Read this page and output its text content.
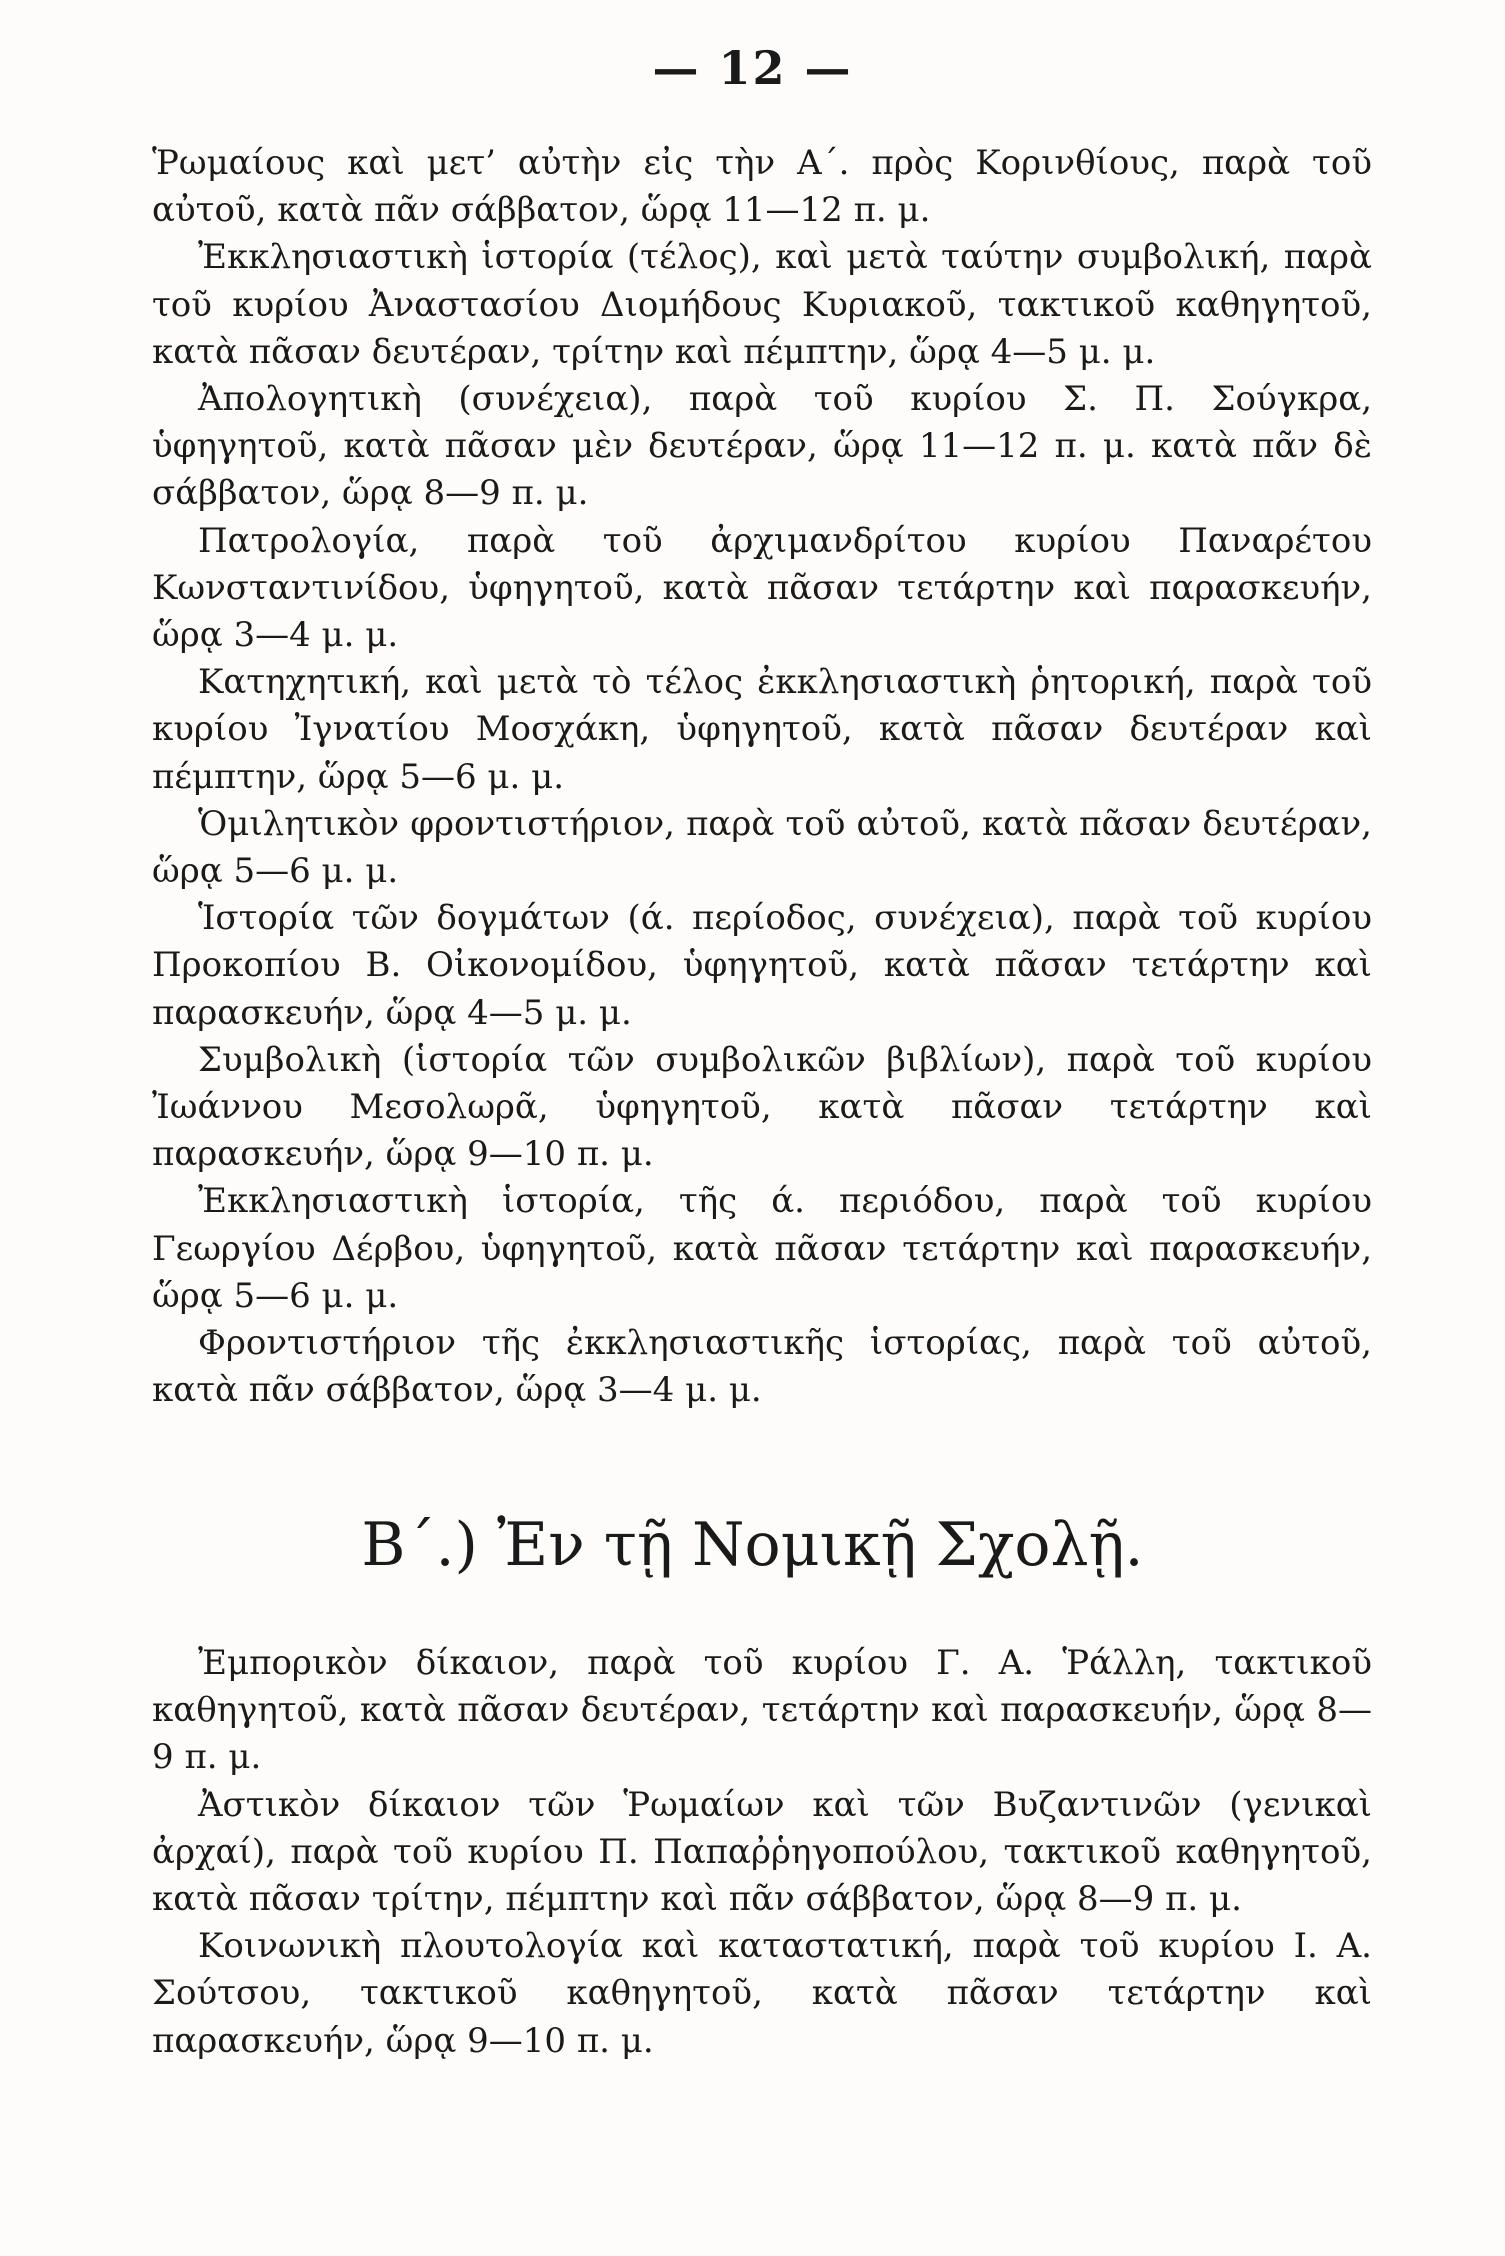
— 12 —

Ῥωμαίους καὶ μετ’ αὐτὴν εἰς τὴν Α΄. πρὸς Κορινθίους, παρὰ τοῦ αὐτοῦ, κατὰ πᾶν σάββατον, ὥρᾳ 11—12 π. μ.

Ἐκκλησιαστικὴ ἱστορία (τέλος), καὶ μετὰ ταύτην συμβολική, παρὰ τοῦ κυρίου Ἀναστασίου Διομήδους Κυριακοῦ, τακτικοῦ καθηγητοῦ, κατὰ πᾶσαν δευτέραν, τρίτην καὶ πέμπτην, ὥρᾳ 4—5 μ. μ.

Ἀπολογητικὴ (συνέχεια), παρὰ τοῦ κυρίου Σ. Π. Σούγκρα, ὑφηγητοῦ, κατὰ πᾶσαν μὲν δευτέραν, ὥρᾳ 11—12 π. μ. κατὰ πᾶν δὲ σάββατον, ὥρᾳ 8—9 π. μ.

Πατρολογία, παρὰ τοῦ ἀρχιμανδρίτου κυρίου Παναρέτου Κωνσταντινίδου, ὑφηγητοῦ, κατὰ πᾶσαν τετάρτην καὶ παρασκευήν, ὥρᾳ 3—4 μ. μ.

Κατηχητική, καὶ μετὰ τὸ τέλος ἐκκλησιαστικὴ ῥητορική, παρὰ τοῦ κυρίου Ἰγνατίου Μοσχάκη, ὑφηγητοῦ, κατὰ πᾶσαν δευτέραν καὶ πέμπτην, ὥρᾳ 5—6 μ. μ.

Ὁμιλητικὸν φροντιστήριον, παρὰ τοῦ αὐτοῦ, κατὰ πᾶσαν δευτέραν, ὥρᾳ 5—6 μ. μ.

Ἱστορία τῶν δογμάτων (ά. περίοδος, συνέχεια), παρὰ τοῦ κυρίου Προκοπίου Β. Οἰκονομίδου, ὑφηγητοῦ, κατὰ πᾶσαν τετάρτην καὶ παρασκευήν, ὥρᾳ 4—5 μ. μ.

Συμβολικὴ (ἱστορία τῶν συμβολικῶν βιβλίων), παρὰ τοῦ κυρίου Ἰωάννου Μεσολωρᾶ, ὑφηγητοῦ, κατὰ πᾶσαν τετάρτην καὶ παρασκευήν, ὥρᾳ 9—10 π. μ.

Ἐκκλησιαστικὴ ἱστορία, τῆς ά. περιόδου, παρὰ τοῦ κυρίου Γεωργίου Δέρβου, ὑφηγητοῦ, κατὰ πᾶσαν τετάρτην καὶ παρασκευήν, ὥρᾳ 5—6 μ. μ.

Φροντιστήριον τῆς ἐκκλησιαστικῆς ἱστορίας, παρὰ τοῦ αὐτοῦ, κατὰ πᾶν σάββατον, ὥρᾳ 3—4 μ. μ.

Β΄.) Ἐν τῇ Νομικῇ Σχολῇ.

Ἐμπορικὸν δίκαιον, παρὰ τοῦ κυρίου Γ. Α. Ῥάλλη, τακτικοῦ καθηγητοῦ, κατὰ πᾶσαν δευτέραν, τετάρτην καὶ παρασκευήν, ὥρᾳ 8—9 π. μ.

Ἀστικὸν δίκαιον τῶν Ῥωμαίων καὶ τῶν Βυζαντινῶν (γενικαὶ ἀρχαί), παρὰ τοῦ κυρίου Π. Παπαῤῥηγοπούλου, τακτικοῦ καθηγητοῦ, κατὰ πᾶσαν τρίτην, πέμπτην καὶ πᾶν σάββατον, ὥρᾳ 8—9 π. μ.

Κοινωνικὴ πλουτολογία καὶ καταστατική, παρὰ τοῦ κυρίου Ι. Α. Σούτσου, τακτικοῦ καθηγητοῦ, κατὰ πᾶσαν τετάρτην καὶ παρασκευήν, ὥρᾳ 9—10 π. μ.
